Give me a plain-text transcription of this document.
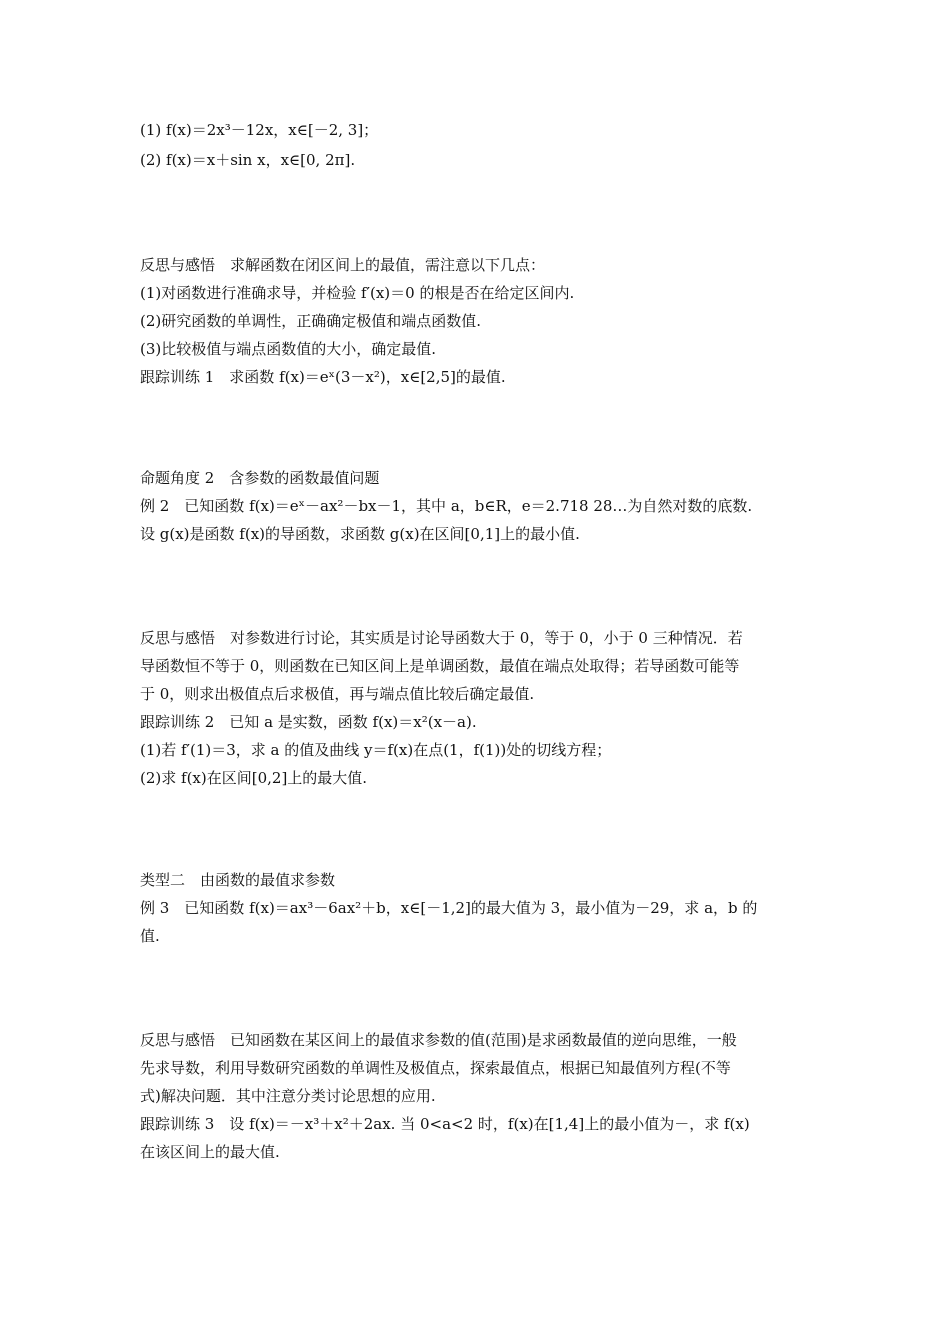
(1) f(x)＝2x³－12x，x∈[－2, 3]；
(2) f(x)＝x＋sin x，x∈[0, 2π].
反思与感悟　求解函数在闭区间上的最值，需注意以下几点：
(1)对函数进行准确求导，并检验 f′(x)＝0 的根是否在给定区间内.
(2)研究函数的单调性，正确确定极值和端点函数值.
(3)比较极值与端点函数值的大小，确定最值.
跟踪训练 1　求函数 f(x)＝eˣ(3－x²)，x∈[2,5]的最值.
命题角度 2　含参数的函数最值问题
例 2　已知函数 f(x)＝eˣ－ax²－bx－1，其中 a，b∈R，e＝2.718 28…为自然对数的底数.
设 g(x)是函数 f(x)的导函数，求函数 g(x)在区间[0,1]上的最小值.
反思与感悟　对参数进行讨论，其实质是讨论导函数大于 0，等于 0，小于 0 三种情况．若
导函数恒不等于 0，则函数在已知区间上是单调函数，最值在端点处取得；若导函数可能等
于 0，则求出极值点后求极值，再与端点值比较后确定最值.
跟踪训练 2　已知 a 是实数，函数 f(x)＝x²(x－a).
(1)若 f′(1)＝3，求 a 的值及曲线 y＝f(x)在点(1，f(1))处的切线方程；
(2)求 f(x)在区间[0,2]上的最大值.
类型二　由函数的最值求参数
例 3　已知函数 f(x)＝ax³－6ax²＋b，x∈[－1,2]的最大值为 3，最小值为－29，求 a，b 的
值.
反思与感悟　已知函数在某区间上的最值求参数的值(范围)是求函数最值的逆向思维，一般
先求导数，利用导数研究函数的单调性及极值点，探索最值点，根据已知最值列方程(不等
式)解决问题．其中注意分类讨论思想的应用.
跟踪训练 3　设 f(x)＝－x³＋x²＋2ax. 当 0<a<2 时，f(x)在[1,4]上的最小值为－，求 f(x)
在该区间上的最大值.
